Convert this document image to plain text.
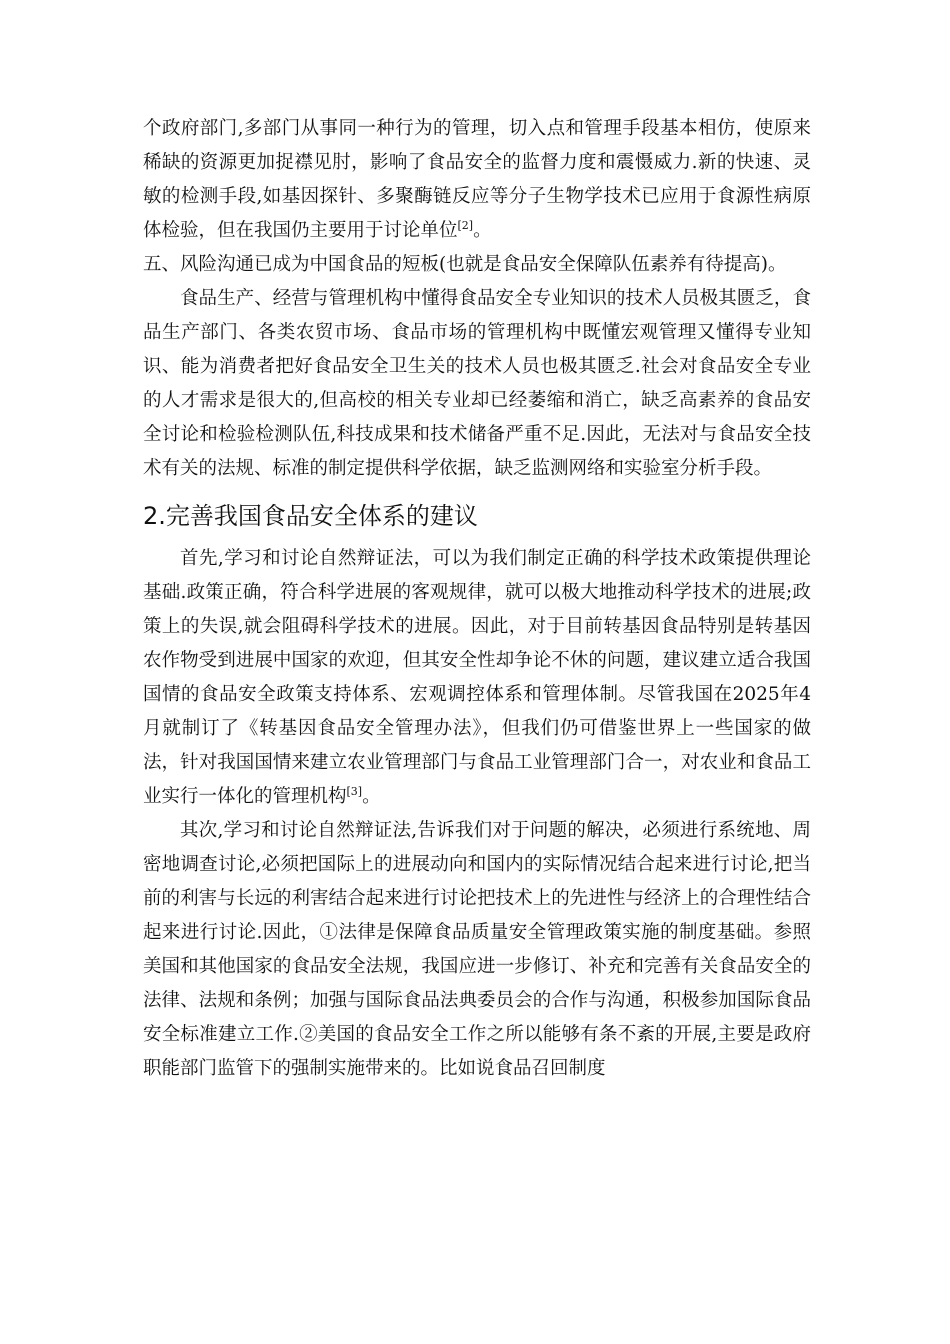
个政府部门,多部门从事同一种行为的管理，切入点和管理手段基本相仿，使原来稀缺的资源更加捉襟见肘，影响了食品安全的监督力度和震慑威力.新的快速、灵敏的检测手段,如基因探针、多聚酶链反应等分子生物学技术已应用于食源性病原体检验，但在我国仍主要用于讨论单位[2]。

五、风险沟通已成为中国食品的短板(也就是食品安全保障队伍素养有待提高)。

食品生产、经营与管理机构中懂得食品安全专业知识的技术人员极其匮乏，食品生产部门、各类农贸市场、食品市场的管理机构中既懂宏观管理又懂得专业知识、能为消费者把好食品安全卫生关的技术人员也极其匮乏.社会对食品安全专业的人才需求是很大的,但高校的相关专业却已经萎缩和消亡，缺乏高素养的食品安全讨论和检验检测队伍,科技成果和技术储备严重不足.因此，无法对与食品安全技术有关的法规、标准的制定提供科学依据，缺乏监测网络和实验室分析手段。

2.完善我国食品安全体系的建议

首先,学习和讨论自然辩证法，可以为我们制定正确的科学技术政策提供理论基础.政策正确，符合科学进展的客观规律，就可以极大地推动科学技术的进展;政策上的失误,就会阻碍科学技术的进展。因此，对于目前转基因食品特别是转基因农作物受到进展中国家的欢迎，但其安全性却争论不休的问题，建议建立适合我国国情的食品安全政策支持体系、宏观调控体系和管理体制。尽管我国在2025年4月就制订了《转基因食品安全管理办法》，但我们仍可借鉴世界上一些国家的做法，针对我国国情来建立农业管理部门与食品工业管理部门合一，对农业和食品工业实行一体化的管理机构[3]。

其次,学习和讨论自然辩证法,告诉我们对于问题的解决，必须进行系统地、周密地调查讨论,必须把国际上的进展动向和国内的实际情况结合起来进行讨论,把当前的利害与长远的利害结合起来进行讨论把技术上的先进性与经济上的合理性结合起来进行讨论.因此，①法律是保障食品质量安全管理政策实施的制度基础。参照美国和其他国家的食品安全法规，我国应进一步修订、补充和完善有关食品安全的法律、法规和条例；加强与国际食品法典委员会的合作与沟通，积极参加国际食品安全标准建立工作.②美国的食品安全工作之所以能够有条不紊的开展,主要是政府职能部门监管下的强制实施带来的。比如说食品召回制度
